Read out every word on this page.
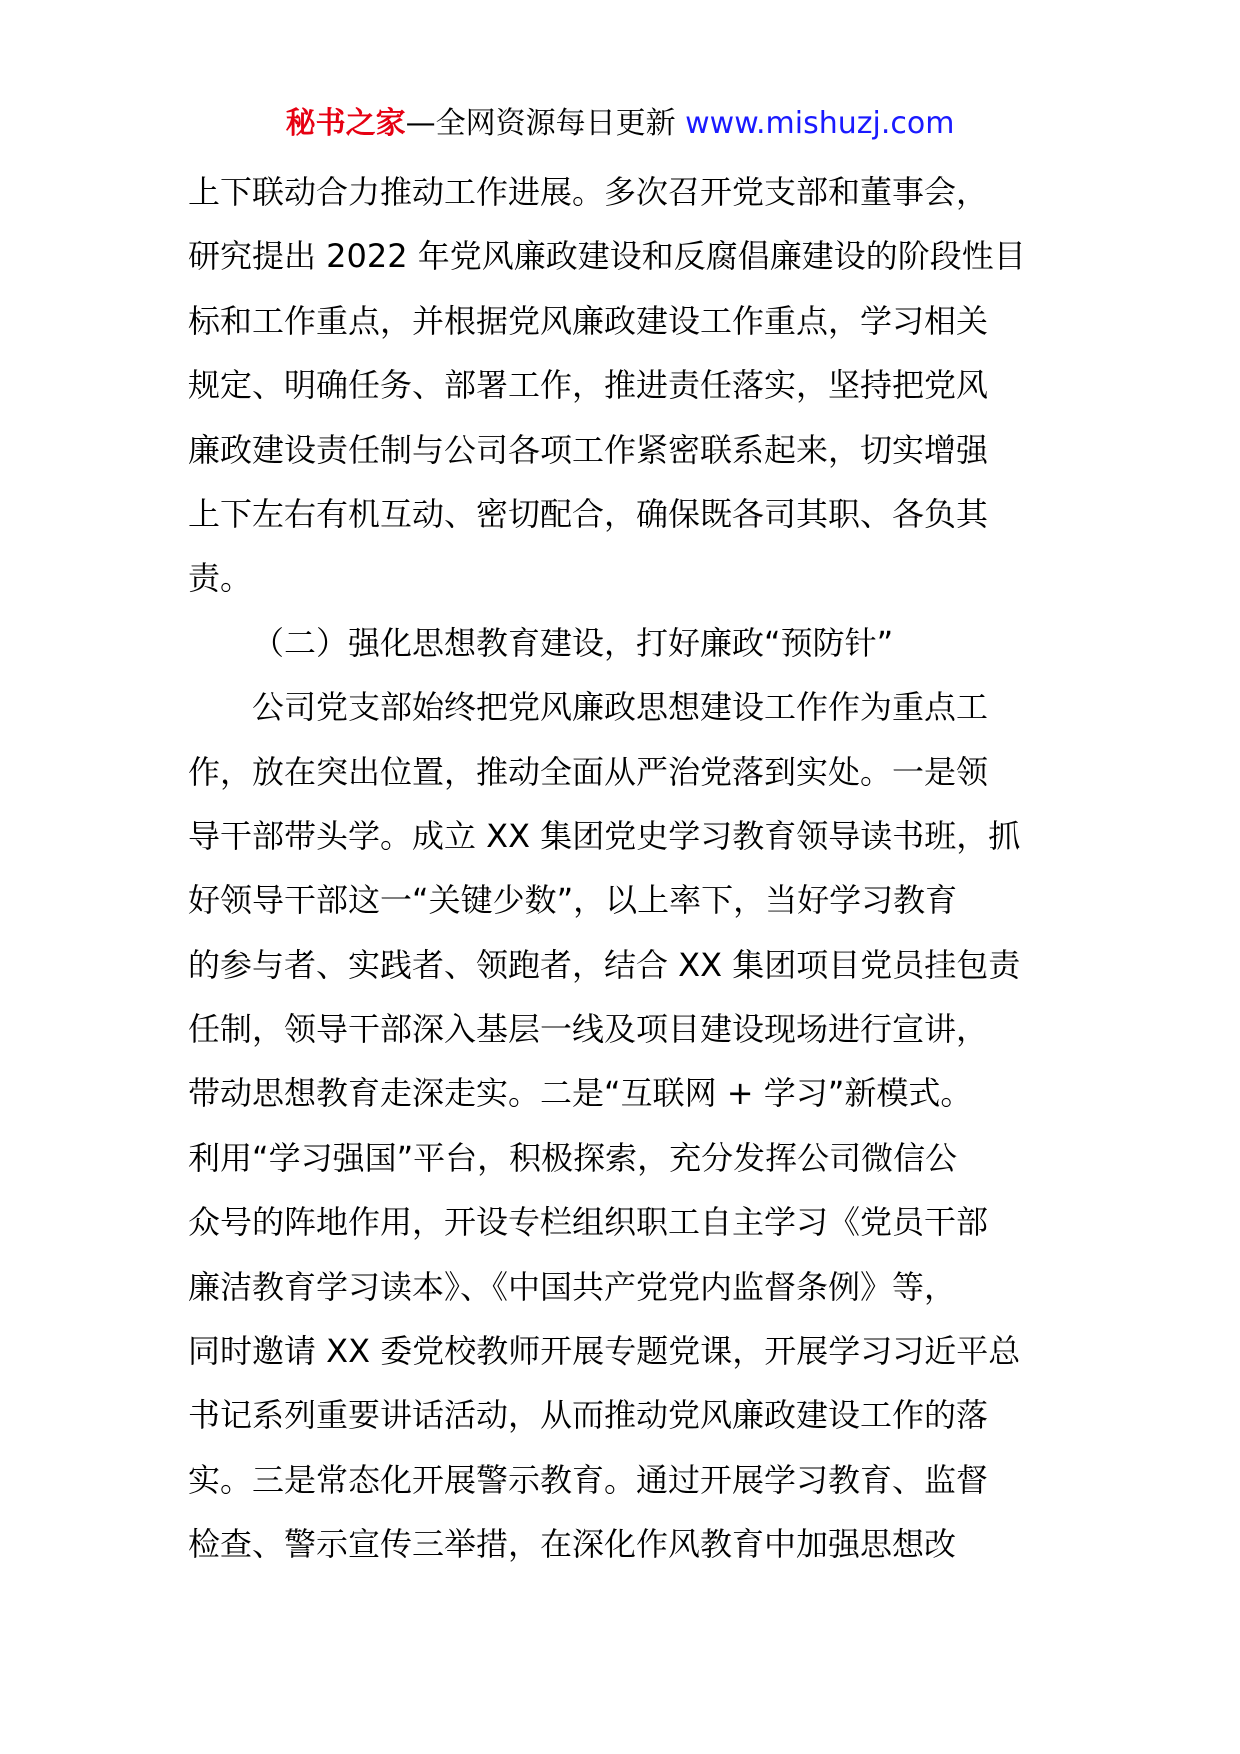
秘书之家—全网资源每日更新 www.mishuzj.com
上下联动合力推动工作进展。多次召开党支部和董事会，
研究提出 2022 年党风廉政建设和反腐倡廉建设的阶段性目
标和工作重点，并根据党风廉政建设工作重点，学习相关
规定、明确任务、部署工作，推进责任落实，坚持把党风
廉政建设责任制与公司各项工作紧密联系起来，切实增强
上下左右有机互动、密切配合，确保既各司其职、各负其
责。
（二）强化思想教育建设，打好廉政“预防针”
公司党支部始终把党风廉政思想建设工作作为重点工
作，放在突出位置，推动全面从严治党落到实处。一是领
导干部带头学。成立 XX 集团党史学习教育领导读书班，抓
好领导干部这一“关键少数”，以上率下，当好学习教育
的参与者、实践者、领跑者，结合 XX 集团项目党员挂包责
任制，领导干部深入基层一线及项目建设现场进行宣讲，
带动思想教育走深走实。二是“互联网 + 学习”新模式。
利用“学习强国”平台，积极探索，充分发挥公司微信公
众号的阵地作用，开设专栏组织职工自主学习《党员干部
廉洁教育学习读本》、《中国共产党党内监督条例》等，
同时邀请 XX 委党校教师开展专题党课，开展学习习近平总
书记系列重要讲话活动，从而推动党风廉政建设工作的落
实。三是常态化开展警示教育。通过开展学习教育、监督
检查、警示宣传三举措，在深化作风教育中加强思想改
